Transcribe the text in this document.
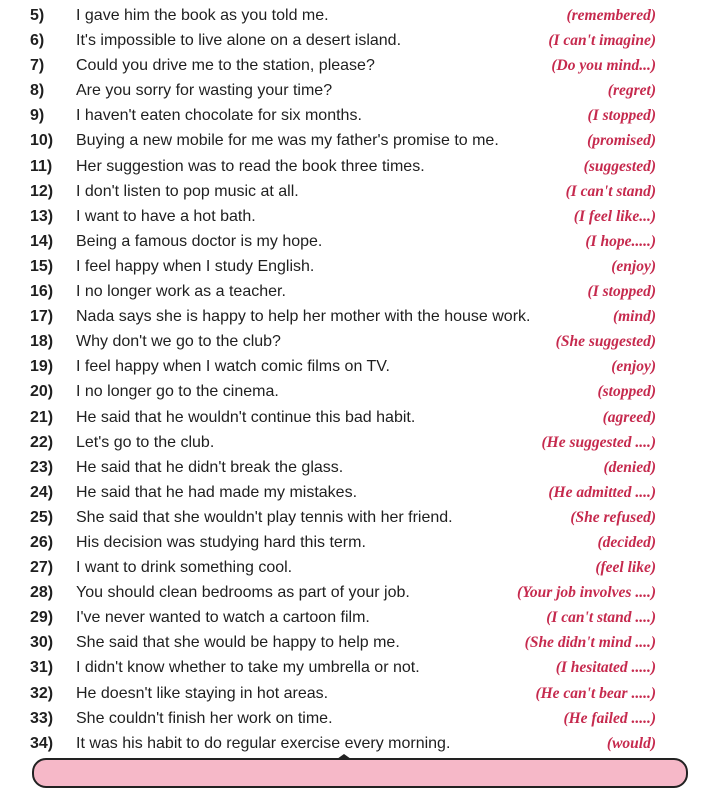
5)	I gave him the book as you told me.	(remembered)
6)	It's impossible to live alone on a desert island.	(I can't imagine)
7)	Could you drive me to the station, please?	(Do you mind...)
8)	Are you sorry for wasting your time?	(regret)
9)	I haven't eaten chocolate for six months.	(I stopped)
10)	Buying a new mobile for me was my father's promise to me.	(promised)
11)	Her suggestion was to read the book three times.	(suggested)
12)	I don't listen to pop music at all.	(I can't stand)
13)	I want to have a hot bath.	(I feel like...)
14)	Being a famous doctor is my hope.	(I hope.....)
15)	I feel happy when I study English.	(enjoy)
16)	I no longer work as a teacher.	(I stopped)
17)	Nada says she is happy to help her mother with the house work.	(mind)
18)	Why don't we go to the club?	(She suggested)
19)	I feel happy when I watch comic films on TV.	(enjoy)
20)	I no longer go to the cinema.	(stopped)
21)	He said that he wouldn't continue this bad habit.	(agreed)
22)	Let's go to the club.	(He suggested ....)
23)	He said that he didn't break the glass.	(denied)
24)	He said that he had made my mistakes.	(He admitted ....)
25)	She said that she wouldn't play tennis with her friend.	(She refused)
26)	His decision was studying hard this term.	(decided)
27)	I want to drink something cool.	(feel like)
28)	You should clean bedrooms as part of your job.	(Your job involves ....)
29)	I've never wanted to watch a cartoon film.	(I can't stand ....)
30)	She said that she would be happy to help me.	(She didn't mind ....)
31)	I didn't know whether to take my umbrella or not.	(I hesitated .....)
32)	He doesn't like staying in hot areas.	(He can't bear .....)
33)	She couldn't finish her work on time.	(He failed .....)
34)	It was his habit to do regular exercise every morning.	(would)
